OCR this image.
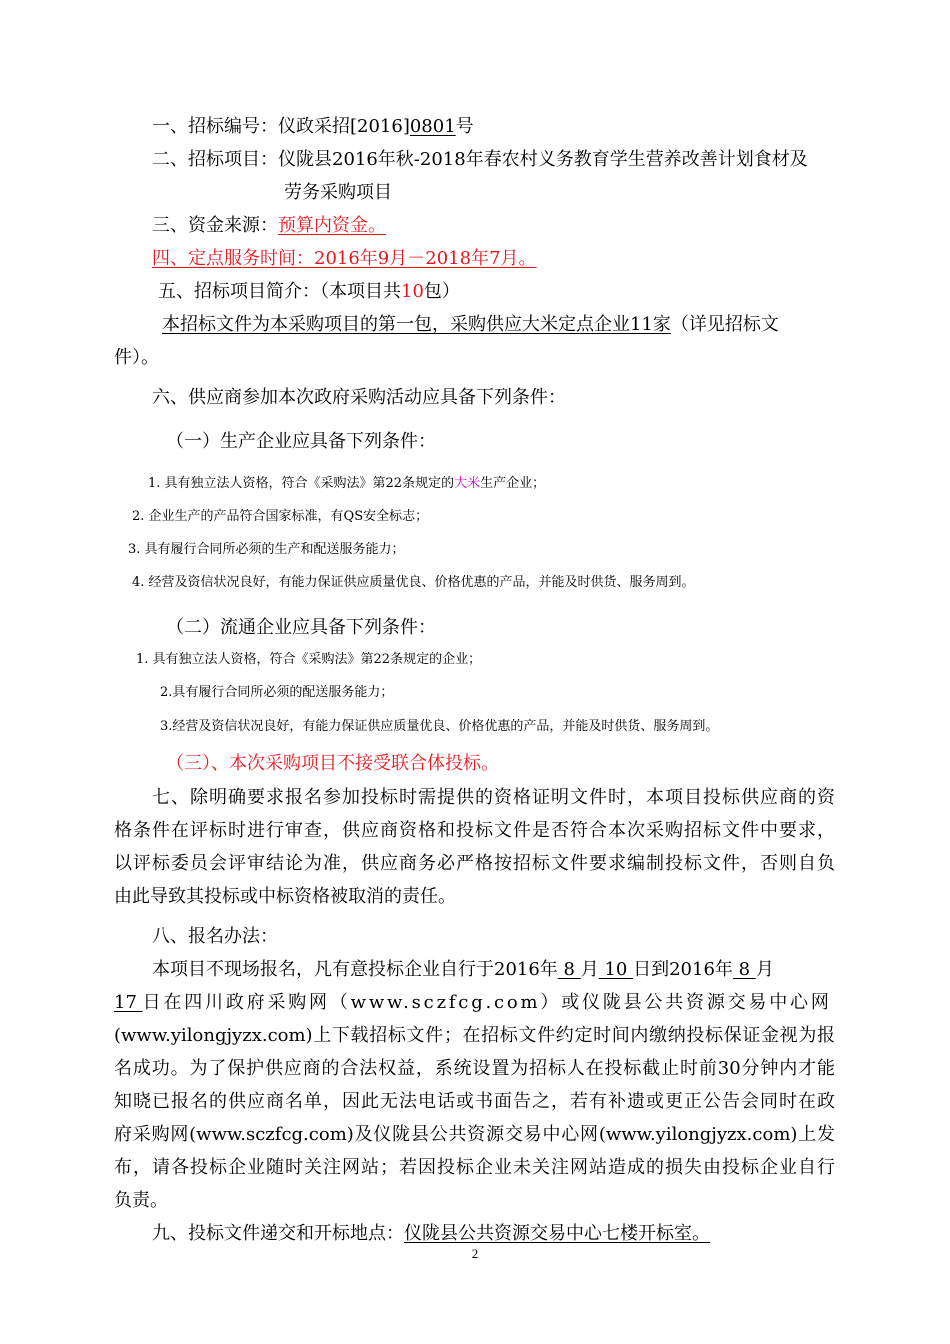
一、招标编号：仪政采招[2016]0801号
二、招标项目：仪陇县2016年秋-2018年春农村义务教育学生营养改善计划食材及
劳务采购项目
三、资金来源：预算内资金。
四、定点服务时间：2016年9月－2018年7月。
五、招标项目简介：（本项目共10包）
本招标文件为本采购项目的第一包，采购供应大米定点企业11家（详见招标文
件）。
六、供应商参加本次政府采购活动应具备下列条件：
（一）生产企业应具备下列条件：
1. 具有独立法人资格，符合《采购法》第22条规定的大米生产企业；
2. 企业生产的产品符合国家标准，有QS安全标志；
3. 具有履行合同所必须的生产和配送服务能力；
4. 经营及资信状况良好，有能力保证供应质量优良、价格优惠的产品，并能及时供货、服务周到。
（二）流通企业应具备下列条件：
1. 具有独立法人资格，符合《采购法》第22条规定的企业；
2.具有履行合同所必须的配送服务能力；
3.经营及资信状况良好，有能力保证供应质量优良、价格优惠的产品，并能及时供货、服务周到。
（三）、本次采购项目不接受联合体投标。
七、除明确要求报名参加投标时需提供的资格证明文件时，本项目投标供应商的资
格条件在评标时进行审查，供应商资格和投标文件是否符合本次采购招标文件中要求，
以评标委员会评审结论为准，供应商务必严格按招标文件要求编制投标文件，否则自负
由此导致其投标或中标资格被取消的责任。
八、报名办法：
本项目不现场报名，凡有意投标企业自行于2016年 8 月 10 日到2016年 8 月
17 日在四川政府采购网（www.sczfcg.com）或仪陇县公共资源交易中心网
(www.yilongjyzx.com)上下载招标文件；在招标文件约定时间内缴纳投标保证金视为报
名成功。为了保护供应商的合法权益，系统设置为招标人在投标截止时前30分钟内才能
知晓已报名的供应商名单，因此无法电话或书面告之，若有补遗或更正公告会同时在政
府采购网(www.sczfcg.com)及仪陇县公共资源交易中心网(www.yilongjyzx.com)上发
布，请各投标企业随时关注网站；若因投标企业未关注网站造成的损失由投标企业自行
负责。
九、投标文件递交和开标地点：仪陇县公共资源交易中心七楼开标室。
2
